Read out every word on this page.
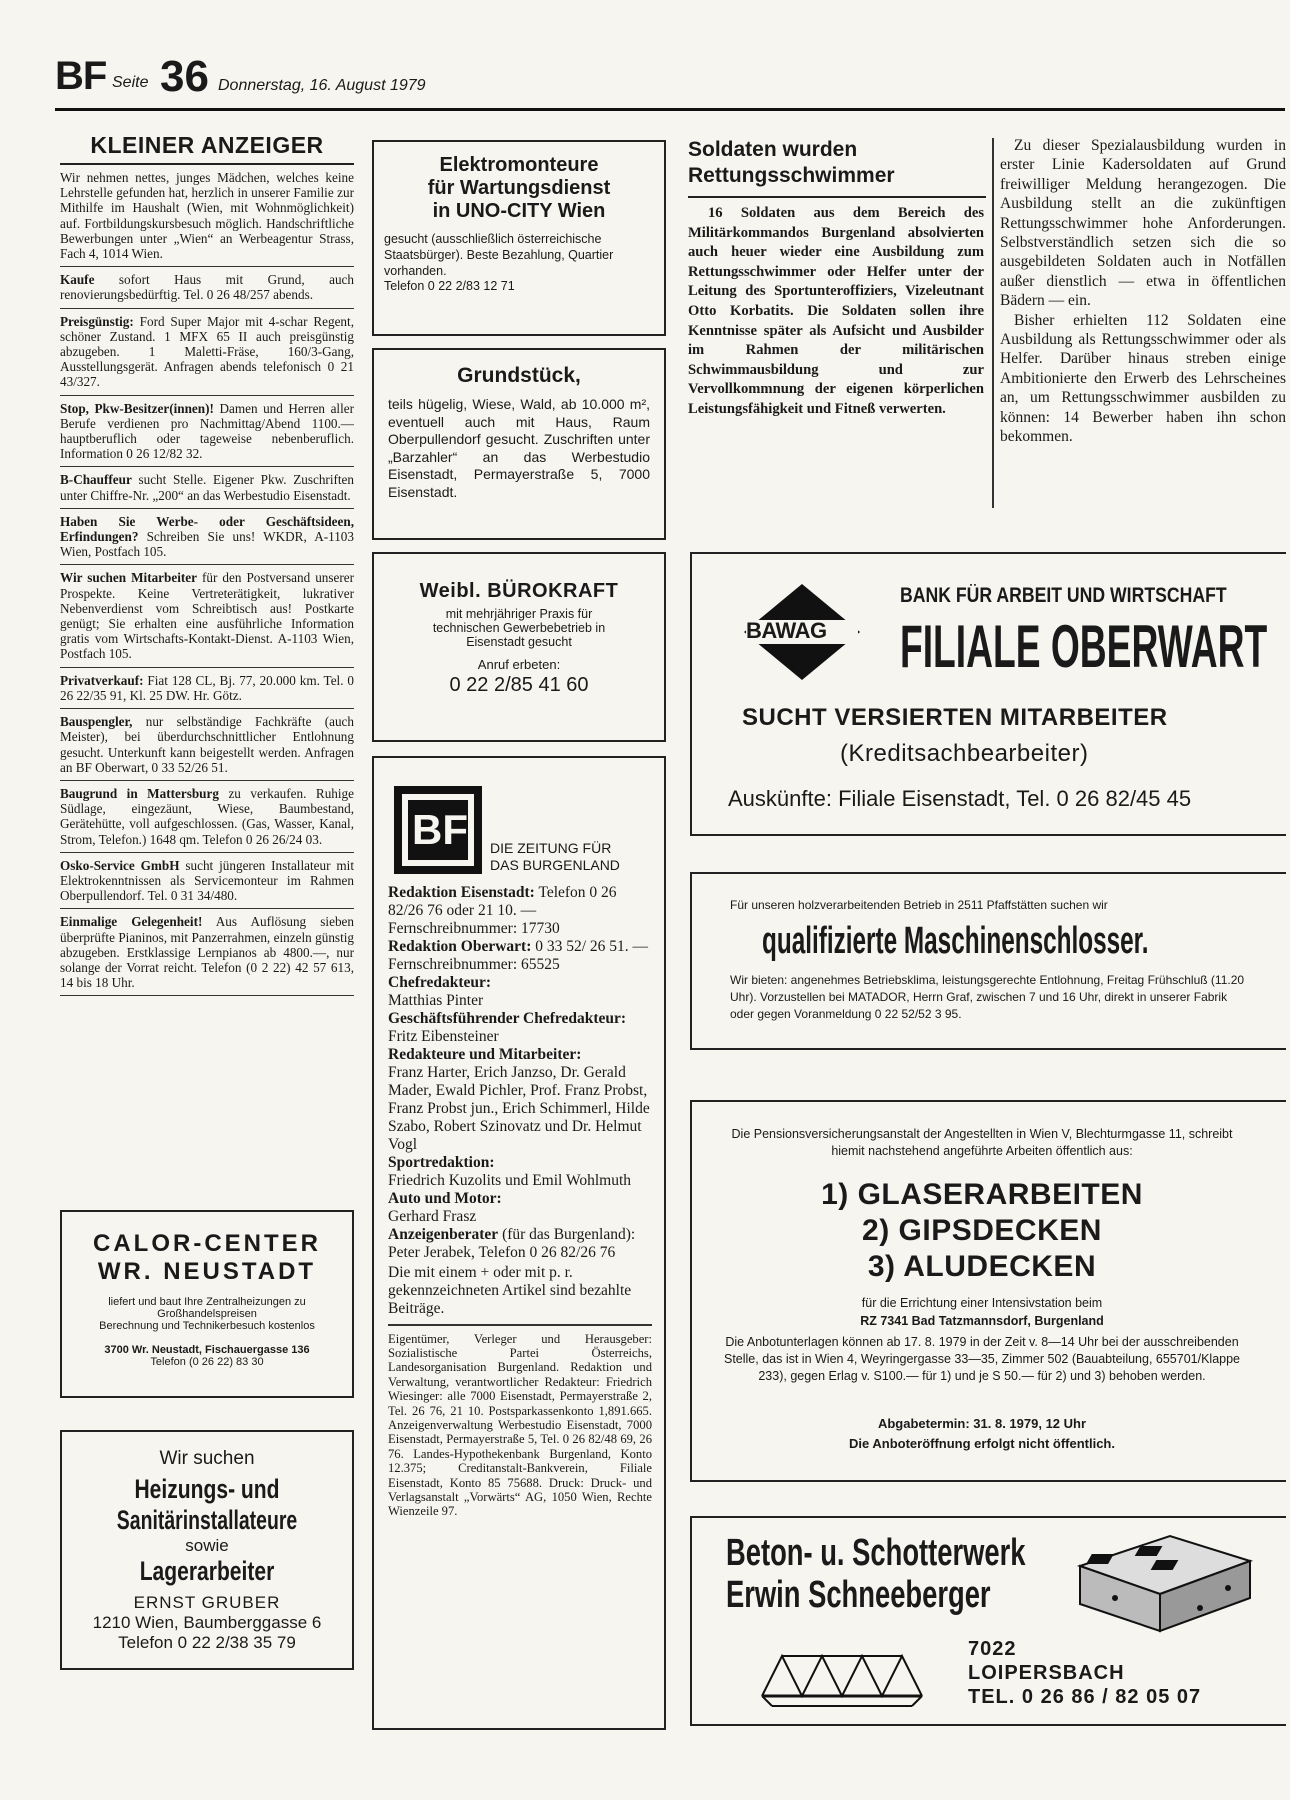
BF Seite 36 Donnerstag, 16. August 1979
KLEINER ANZEIGER
Wir nehmen nettes, junges Mädchen, welches keine Lehrstelle gefunden hat, herzlich in unserer Familie zur Mithilfe im Haushalt (Wien, mit Wohnmöglichkeit) auf. Fortbildungskursbesuch möglich. Handschriftliche Bewerbungen unter „Wien“ an Werbeagentur Strass, Fach 4, 1014 Wien.
Kaufe sofort Haus mit Grund, auch renovierungsbedürftig. Tel. 0 26 48/257 abends.
Preisgünstig: Ford Super Major mit 4-schar Regent, schöner Zustand. 1 MFX 65 II auch preisgünstig abzugeben. 1 Maletti-Fräse, 160/3-Gang, Ausstellungsgerät. Anfragen abends telefonisch 0 21 43/327.
Stop, Pkw-Besitzer(innen)! Damen und Herren aller Berufe verdienen pro Nachmittag/Abend 1100.— hauptberuflich oder tageweise nebenberuflich. Information 0 26 12/82 32.
B-Chauffeur sucht Stelle. Eigener Pkw. Zuschriften unter Chiffre-Nr. „200“ an das Werbestudio Eisenstadt.
Haben Sie Werbe- oder Geschäftsideen, Erfindungen? Schreiben Sie uns! WKDR, A-1103 Wien, Postfach 105.
Wir suchen Mitarbeiter für den Postversand unserer Prospekte. Keine Vertreterätigkeit, lukrativer Nebenverdienst vom Schreibtisch aus! Postkarte genügt; Sie erhalten eine ausführliche Information gratis vom Wirtschafts-Kontakt-Dienst. A-1103 Wien, Postfach 105.
Privatverkauf: Fiat 128 CL, Bj. 77, 20.000 km. Tel. 0 26 22/35 91, Kl. 25 DW. Hr. Götz.
Bauspengler, nur selbständige Fachkräfte (auch Meister), bei überdurchschnittlicher Entlohnung gesucht. Unterkunft kann beigestellt werden. Anfragen an BF Oberwart, 0 33 52/26 51.
Baugrund in Mattersburg zu verkaufen. Ruhige Südlage, eingezäunt, Wiese, Baumbestand, Gerätehütte, voll aufgeschlossen. (Gas, Wasser, Kanal, Strom, Telefon.) 1648 qm. Telefon 0 26 26/24 03.
Osko-Service GmbH sucht jüngeren Installateur mit Elektrokenntnissen als Servicemonteur im Rahmen Oberpullendorf. Tel. 0 31 34/480.
Einmalige Gelegenheit! Aus Auflösung sieben überprüfte Pianinos, mit Panzerrahmen, einzeln günstig abzugeben. Erstklassige Lernpianos ab 4800.—, nur solange der Vorrat reicht. Telefon (0 2 22) 42 57 613, 14 bis 18 Uhr.
CALOR-CENTER
WR. NEUSTADT
liefert und baut Ihre Zentralheizungen zu
Großhandelspreisen
Berechnung und Technikerbesuch kostenlos
3700 Wr. Neustadt, Fischauergasse 136
Telefon (0 26 22) 83 30
Wir suchen
Heizungs- und
Sanitärinstallateure
sowie
Lagerarbeiter
ERNST GRUBER
1210 Wien, Baumberggasse 6
Telefon 0 22 2/38 35 79
Elektromonteure
für Wartungsdienst
in UNO-CITY Wien
gesucht (ausschließlich österreichische Staatsbürger). Beste Bezahlung, Quartier vorhanden.
Telefon 0 22 2/83 12 71
Grundstück,
teils hügelig, Wiese, Wald, ab 10.000 m², eventuell auch mit Haus, Raum Oberpullendorf gesucht. Zuschriften unter „Barzahler“ an das Werbestudio Eisenstadt, Permayerstraße 5, 7000 Eisenstadt.
Weibl. BÜROKRAFT
mit mehrjähriger Praxis für
technischen Gewerbebetrieb in
Eisenstadt gesucht
Anruf erbeten:
0 22 2/85 41 60
BF DIE ZEITUNG FÜR
DAS BURGENLAND

Redaktion Eisenstadt: Telefon 0 26 82/26 76 oder 21 10. — Fernschreibnummer: 17730

Redaktion Oberwart: 0 33 52/ 26 51. — Fernschreibnummer: 65525

Chefredakteur:

Matthias Pinter

Geschäftsführender Chefredakteur:

Fritz Eibensteiner

Redakteure und Mitarbeiter:

Franz Harter, Erich Janzso, Dr. Gerald Mader, Ewald Pichler, Prof. Franz Probst, Franz Probst jun., Erich Schimmerl, Hilde Szabo, Robert Szinovatz und Dr. Helmut Vogl

Sportredaktion:

Friedrich Kuzolits und Emil Wohlmuth

Auto und Motor:

Gerhard Frasz

Anzeigenberater (für das Burgenland): Peter Jerabek, Telefon 0 26 82/26 76

Die mit einem + oder mit p. r. gekennzeichneten Artikel sind bezahlte Beiträge.

Eigentümer, Verleger und Herausgeber: Sozialistische Partei Österreichs, Landesorganisation Burgenland. Redaktion und Verwaltung, verantwortlicher Redakteur: Friedrich Wiesinger: alle 7000 Eisenstadt, Permayerstraße 2, Tel. 26 76, 21 10. Postsparkassenkonto 1,891.665. Anzeigenverwaltung Werbestudio Eisenstadt, 7000 Eisenstadt, Permayerstraße 5, Tel. 0 26 82/48 69, 26 76. Landes-Hypothekenbank Burgenland, Konto 12.375; Creditanstalt-Bankverein, Filiale Eisenstadt, Konto 85 75688. Druck: Druck- und Verlagsanstalt „Vorwärts“ AG, 1050 Wien, Rechte Wienzeile 97.

Soldaten wurden
Rettungsschwimmer
16 Soldaten aus dem Bereich des Militärkommandos Burgenland absolvierten auch heuer wieder eine Ausbildung zum Rettungsschwimmer oder Helfer unter der Leitung des Sportunteroffiziers, Vizeleutnant Otto Korbatits. Die Soldaten sollen ihre Kenntnisse später als Aufsicht und Ausbilder im Rahmen der militärischen Schwimmausbildung und zur Vervollkommnung der eigenen körperlichen Leistungsfähigkeit und Fitneß verwerten.

Zu dieser Spezialausbildung wurden in erster Linie Kadersoldaten auf Grund freiwilliger Meldung herangezogen. Die Ausbildung stellt an die zukünftigen Rettungsschwimmer hohe Anforderungen. Selbstverständlich setzen sich die so ausgebildeten Soldaten auch in Notfällen außer dienstlich — etwa in öffentlichen Bädern — ein.

Bisher erhielten 112 Soldaten eine Ausbildung als Rettungsschwimmer oder als Helfer. Darüber hinaus streben einige Ambitionierte den Erwerb des Lehrscheines an, um Rettungsschwimmer ausbilden zu können: 14 Bewerber haben ihn schon bekommen.

BAWAG
BANK FÜR ARBEIT UND WIRTSCHAFT
FILIALE OBERWART
SUCHT VERSIERTEN MITARBEITER
(Kreditsachbearbeiter)
Auskünfte: Filiale Eisenstadt, Tel. 0 26 82/45 45
Für unseren holzverarbeitenden Betrieb in 2511 Pfaffstätten suchen wir
qualifizierte Maschinenschlosser.
Wir bieten: angenehmes Betriebsklima, leistungsgerechte Entlohnung, Freitag Frühschluß (11.20 Uhr). Vorzustellen bei MATADOR, Herrn Graf, zwischen 7 und 16 Uhr, direkt in unserer Fabrik oder gegen Voranmeldung 0 22 52/52 3 95.
Die Pensionsversicherungsanstalt der Angestellten in Wien V, Blechturmgasse 11, schreibt hiemit nachstehend angeführte Arbeiten öffentlich aus:
1) GLASERARBEITEN
2) GIPSDECKEN
3) ALUDECKEN
für die Errichtung einer Intensivstation beim
RZ 7341 Bad Tatzmannsdorf, Burgenland
Die Anbotunterlagen können ab 17. 8. 1979 in der Zeit v. 8—14 Uhr bei der ausschreibenden Stelle, das ist in Wien 4, Weyringergasse 33—35, Zimmer 502 (Bauabteilung, 655701/Klappe 233), gegen Erlag v. S100.— für 1) und je S 50.— für 2) und 3) behoben werden.
Abgabetermin: 31. 8. 1979, 12 Uhr
Die Anboteröffnung erfolgt nicht öffentlich.
Beton- u. Schotterwerk
Erwin Schneeberger
7022
LOIPERSBACH
TEL. 0 26 86 / 82 05 07
